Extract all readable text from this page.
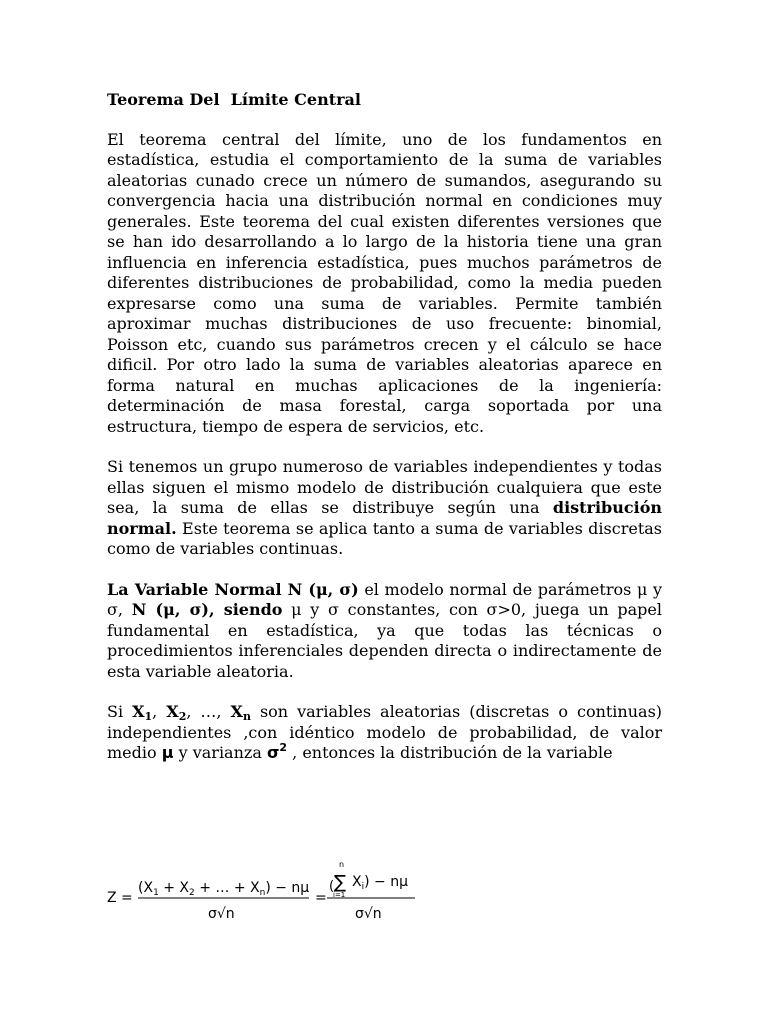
Teorema Del  Límite Central

El teorema central del límite, uno de los fundamentos en estadística, estudia el comportamiento de la suma de variables aleatorias cunado crece un número de sumandos, asegurando su convergencia hacia una distribución normal en condiciones muy generales. Este teorema del cual existen diferentes versiones que se han ido desarrollando a lo largo de la historia tiene una gran influencia en inferencia estadística, pues muchos parámetros de diferentes distribuciones de probabilidad, como la media pueden expresarse como una suma de variables. Permite también aproximar muchas distribuciones de uso frecuente: binomial, Poisson etc, cuando sus parámetros crecen y el cálculo se hace dificil. Por otro lado la suma de variables aleatorias aparece en forma natural en muchas aplicaciones de la ingeniería: determinación de masa forestal, carga soportada por una estructura, tiempo de espera de servicios, etc.

Si tenemos un grupo numeroso de variables independientes y todas ellas siguen el mismo modelo de distribución cualquiera que este sea, la suma de ellas se distribuye según una distribución normal. Este teorema se aplica tanto a suma de variables discretas como de variables continuas.

La Variable Normal N (μ, σ) el modelo normal de parámetros μ y σ, N (μ, σ), siendo μ y σ constantes, con σ>0, juega un papel fundamental en estadística, ya que todas las técnicas o procedimientos inferenciales dependen directa o indirectamente de esta variable aleatoria.

Si $X_1$, $X_2$, …, $X_n$ son variables aleatorias (discretas o continuas) independientes ,con idéntico modelo de probabilidad, de valor medio μ y varianza $\sigma^2$ , entonces la distribución de la variable

Z =
($X_1 + X_2$ + … + $X_n) - n\mu$
σ√n
=
n
( ∑
i=1
$X_i) - n\mu$
σ√n
